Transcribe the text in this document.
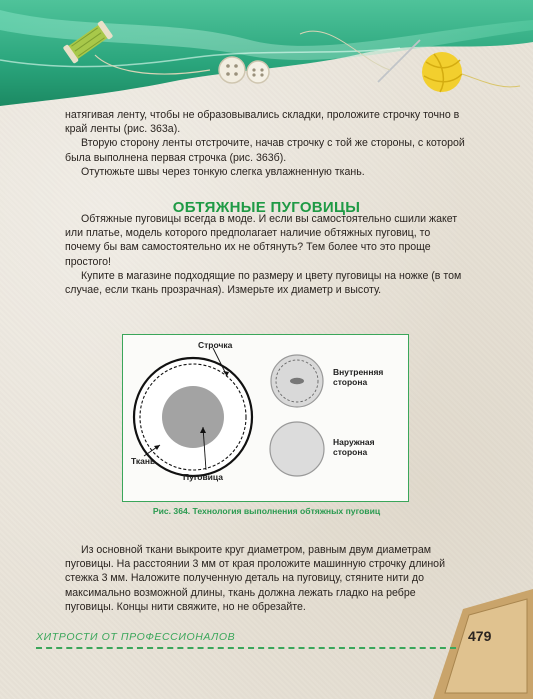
натягивая ленту, чтобы не образовывались складки, проложите строчку точно в край ленты (рис. 363а).

Вторую сторону ленты отстрочите, начав строчку с той же стороны, с которой была выполнена первая строчка (рис. 363б).

Отутюжьте швы через тонкую слегка увлажненную ткань.

ОБТЯЖНЫЕ ПУГОВИЦЫ

Обтяжные пуговицы всегда в моде. И если вы самостоятельно сшили жакет или платье, модель которого предполагает наличие обтяжных пуговиц, то почему бы вам самостоятельно их не обтянуть? Тем более что это проще простого!

Купите в магазине подходящие по размеру и цвету пуговицы на ножке (в том случае, если ткань прозрачная). Измерьте их диаметр и высоту.

Строчка
Ткань
Пуговица
Внутренняя сторона
Наружная сторона
Рис. 364. Технология выполнения обтяжных пуговиц

Из основной ткани выкроите круг диаметром, равным двум диаметрам пуговицы. На расстоянии 3 мм от края проложите машинную строчку длиной стежка 3 мм. Наложите полученную деталь на пуговицу, стяните нити до максимально возможной длины, ткань должна лежать гладко на ребре пуговицы. Концы нити свяжите, но не обрезайте.

ХИТРОСТИ ОТ ПРОФЕССИОНАЛОВ	479
